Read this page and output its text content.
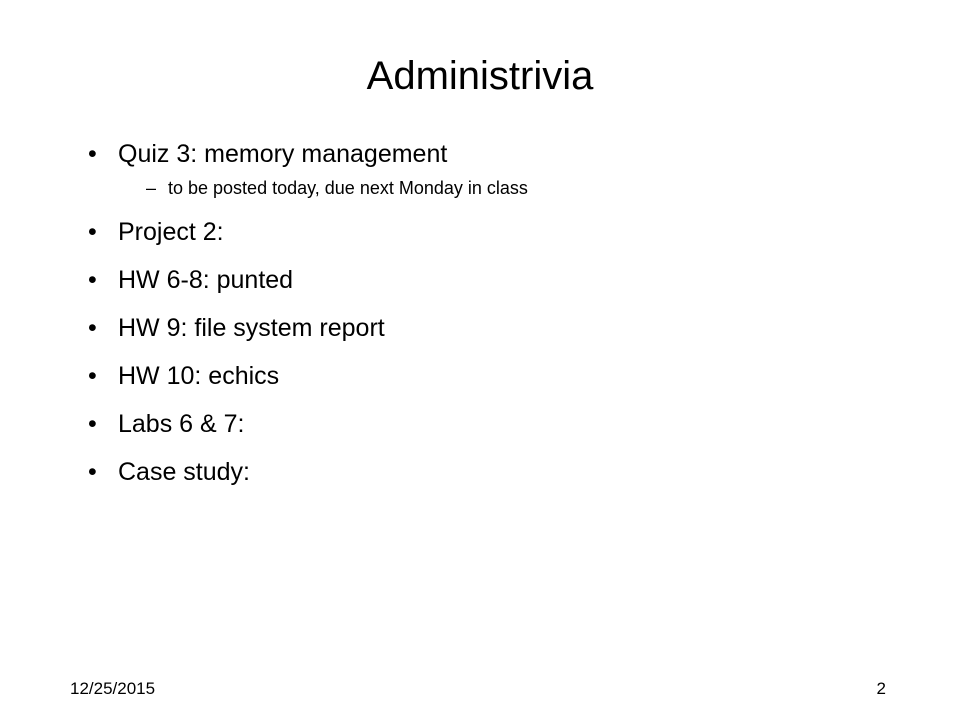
Administrivia
• Quiz 3: memory management
– to be posted today, due next Monday in class
• Project 2:
• HW 6-8: punted
• HW 9: file system report
• HW 10: echics
• Labs 6 & 7:
• Case study:
12/25/2015	2
